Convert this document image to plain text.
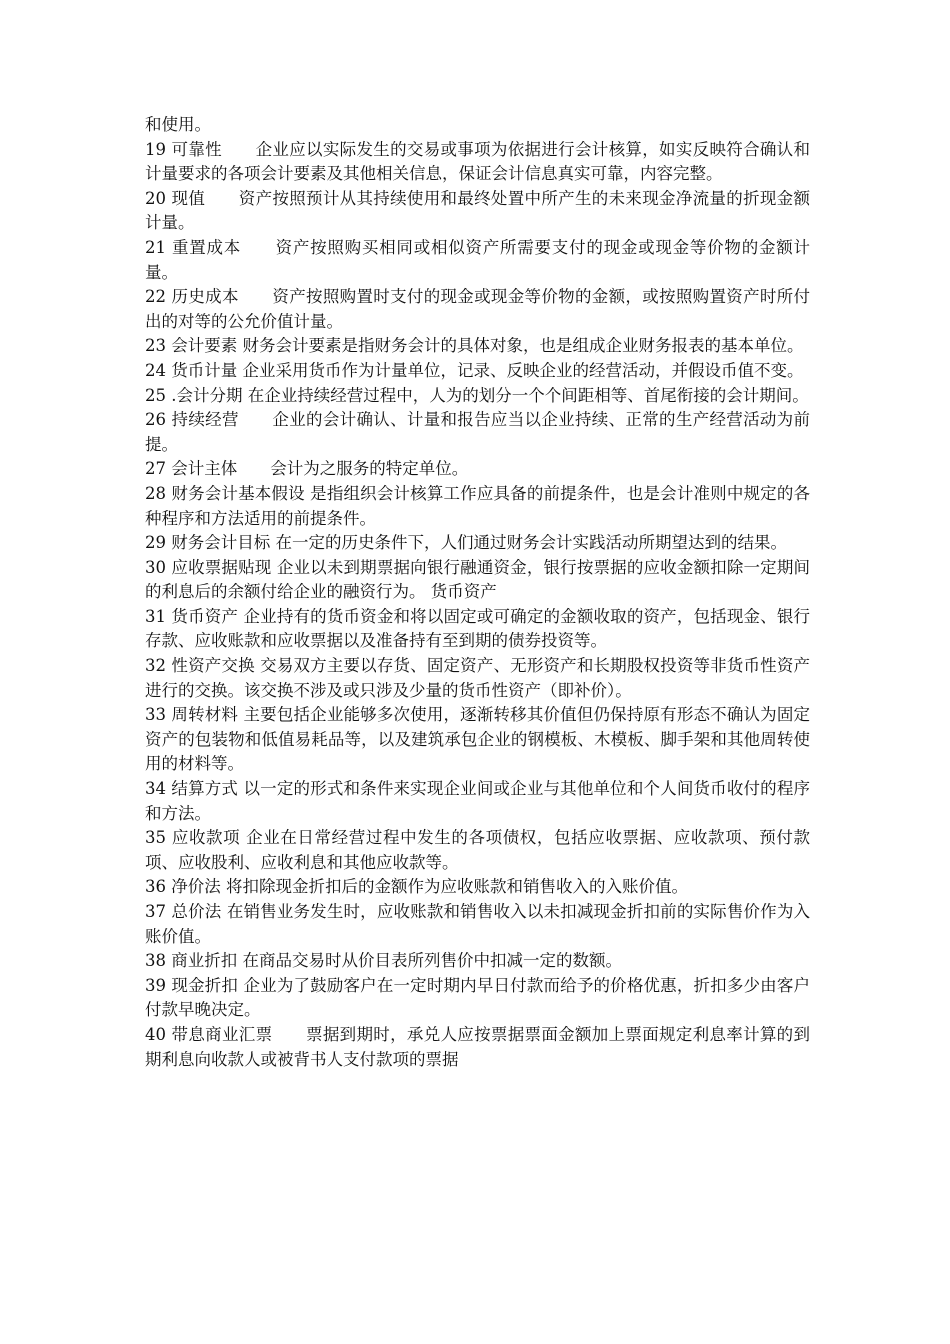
和使用。

19 可靠性　　企业应以实际发生的交易或事项为依据进行会计核算，如实反映符合确认和计量要求的各项会计要素及其他相关信息，保证会计信息真实可靠，内容完整。

20 现值　　资产按照预计从其持续使用和最终处置中所产生的未来现金净流量的折现金额计量。

21 重置成本　　资产按照购买相同或相似资产所需要支付的现金或现金等价物的金额计量。

22 历史成本　　资产按照购置时支付的现金或现金等价物的金额，或按照购置资产时所付出的对等的公允价值计量。

23 会计要素 财务会计要素是指财务会计的具体对象，也是组成企业财务报表的基本单位。

24 货币计量 企业采用货币作为计量单位，记录、反映企业的经营活动，并假设币值不变。

25 .会计分期 在企业持续经营过程中，人为的划分一个个间距相等、首尾衔接的会计期间。

26 持续经营　　企业的会计确认、计量和报告应当以企业持续、正常的生产经营活动为前提。

27 会计主体　　会计为之服务的特定单位。

28 财务会计基本假设 是指组织会计核算工作应具备的前提条件，也是会计准则中规定的各种程序和方法适用的前提条件。

29 财务会计目标 在一定的历史条件下，人们通过财务会计实践活动所期望达到的结果。

30 应收票据贴现 企业以未到期票据向银行融通资金，银行按票据的应收金额扣除一定期间的利息后的余额付给企业的融资行为。 货币资产

31 货币资产 企业持有的货币资金和将以固定或可确定的金额收取的资产，包括现金、银行存款、应收账款和应收票据以及准备持有至到期的债券投资等。

32 性资产交换 交易双方主要以存货、固定资产、无形资产和长期股权投资等非货币性资产进行的交换。该交换不涉及或只涉及少量的货币性资产（即补价）。

33 周转材料 主要包括企业能够多次使用，逐渐转移其价值但仍保持原有形态不确认为固定资产的包装物和低值易耗品等，以及建筑承包企业的钢模板、木模板、脚手架和其他周转使用的材料等。

34 结算方式 以一定的形式和条件来实现企业间或企业与其他单位和个人间货币收付的程序和方法。

35 应收款项 企业在日常经营过程中发生的各项债权，包括应收票据、应收款项、预付款项、应收股利、应收利息和其他应收款等。

36 净价法 将扣除现金折扣后的金额作为应收账款和销售收入的入账价值。

37 总价法 在销售业务发生时，应收账款和销售收入以未扣减现金折扣前的实际售价作为入账价值。

38 商业折扣 在商品交易时从价目表所列售价中扣减一定的数额。

39 现金折扣 企业为了鼓励客户在一定时期内早日付款而给予的价格优惠，折扣多少由客户付款早晚决定。

40 带息商业汇票　　票据到期时，承兑人应按票据票面金额加上票面规定利息率计算的到期利息向收款人或被背书人支付款项的票据
